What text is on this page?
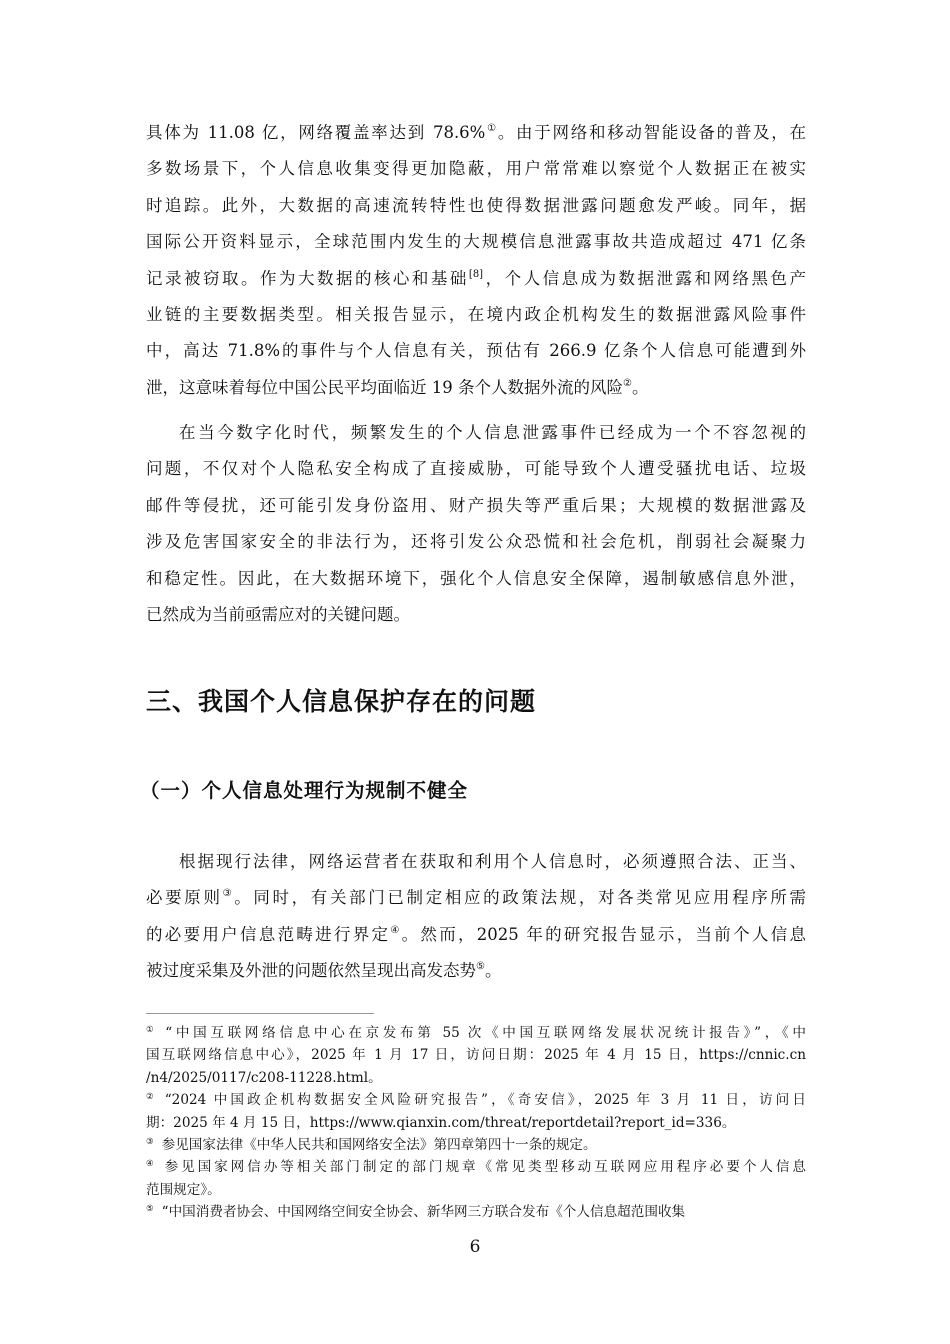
具体为 11.08 亿，网络覆盖率达到 78.6%①。由于网络和移动智能设备的普及，在
多数场景下，个人信息收集变得更加隐蔽，用户常常难以察觉个人数据正在被实
时追踪。此外，大数据的高速流转特性也使得数据泄露问题愈发严峻。同年，据
国际公开资料显示，全球范围内发生的大规模信息泄露事故共造成超过 471 亿条
记录被窃取。作为大数据的核心和基础[8]，个人信息成为数据泄露和网络黑色产
业链的主要数据类型。相关报告显示，在境内政企机构发生的数据泄露风险事件
中，高达 71.8%的事件与个人信息有关，预估有 266.9 亿条个人信息可能遭到外
泄，这意味着每位中国公民平均面临近 19 条个人数据外流的风险②。
在当今数字化时代，频繁发生的个人信息泄露事件已经成为一个不容忽视的
问题，不仅对个人隐私安全构成了直接威胁，可能导致个人遭受骚扰电话、垃圾
邮件等侵扰，还可能引发身份盗用、财产损失等严重后果；大规模的数据泄露及
涉及危害国家安全的非法行为，还将引发公众恐慌和社会危机，削弱社会凝聚力
和稳定性。因此，在大数据环境下，强化个人信息安全保障，遏制敏感信息外泄，
已然成为当前亟需应对的关键问题。
三、我国个人信息保护存在的问题
（一）个人信息处理行为规制不健全
根据现行法律，网络运营者在获取和利用个人信息时，必须遵照合法、正当、
必要原则③。同时，有关部门已制定相应的政策法规，对各类常见应用程序所需
的必要用户信息范畴进行界定④。然而，2025 年的研究报告显示，当前个人信息
被过度采集及外泄的问题依然呈现出高发态势⑤。
① “中国互联网络信息中心在京发布第 55 次《中国互联网络发展状况统计报告》”，《中
国互联网络信息中心》，2025 年 1 月 17 日，访问日期：2025 年 4 月 15 日，https://cnnic.cn
/n4/2025/0117/c208-11228.html。
② “2024 中国政企机构数据安全风险研究报告”，《奇安信》，2025 年 3 月 11 日，访问日
期：2025 年 4 月 15 日，https://www.qianxin.com/threat/reportdetail?report_id=336。
③ 参见国家法律《中华人民共和国网络安全法》第四章第四十一条的规定。
④ 参见国家网信办等相关部门制定的部门规章《常见类型移动互联网应用程序必要个人信息
范围规定》。
⑤ “中国消费者协会、中国网络空间安全协会、新华网三方联合发布《个人信息超范围收集
6
